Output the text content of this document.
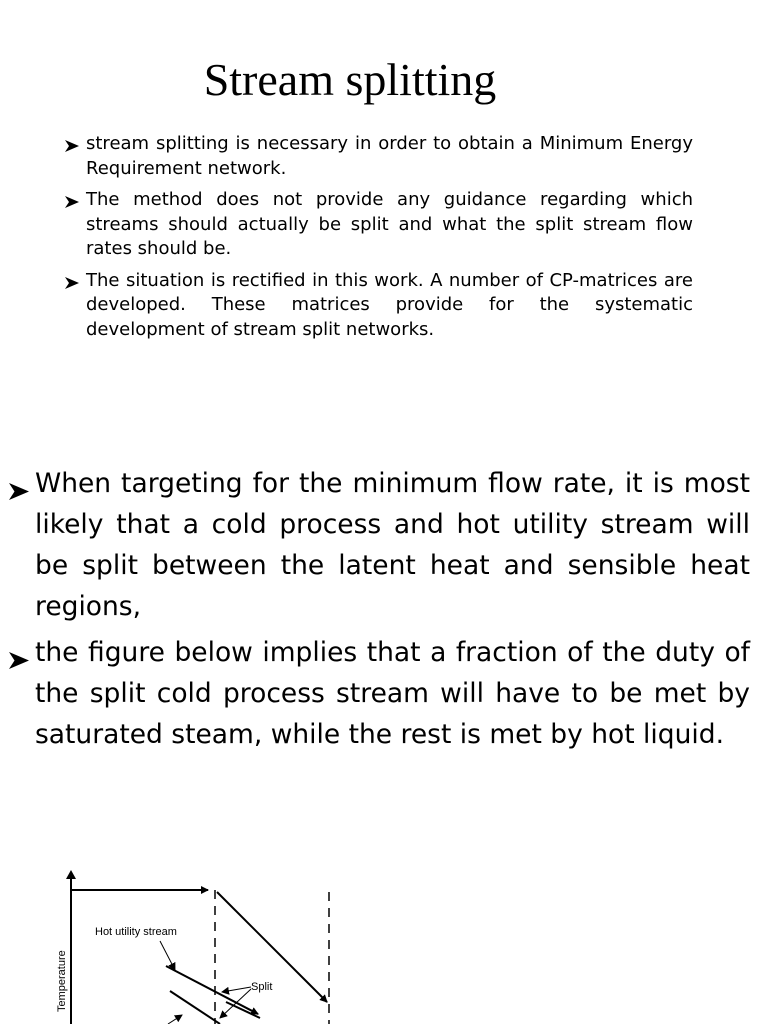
Stream splitting
stream splitting is necessary in order to obtain a Minimum Energy Requirement network.
The method does not provide any guidance regarding which streams should actually be split and what the split stream flow rates should be.
The situation is rectified in this work. A number of CP-matrices are developed. These matrices provide for the systematic development of stream split networks.
When targeting for the minimum flow rate, it is most likely that a cold process and hot utility stream will be split between the latent heat and sensible heat regions,
the figure below implies that a fraction of the duty of the split cold process stream will have to be met by saturated steam, while the rest is met by hot liquid.
Hot utility stream
Split
Temperature
